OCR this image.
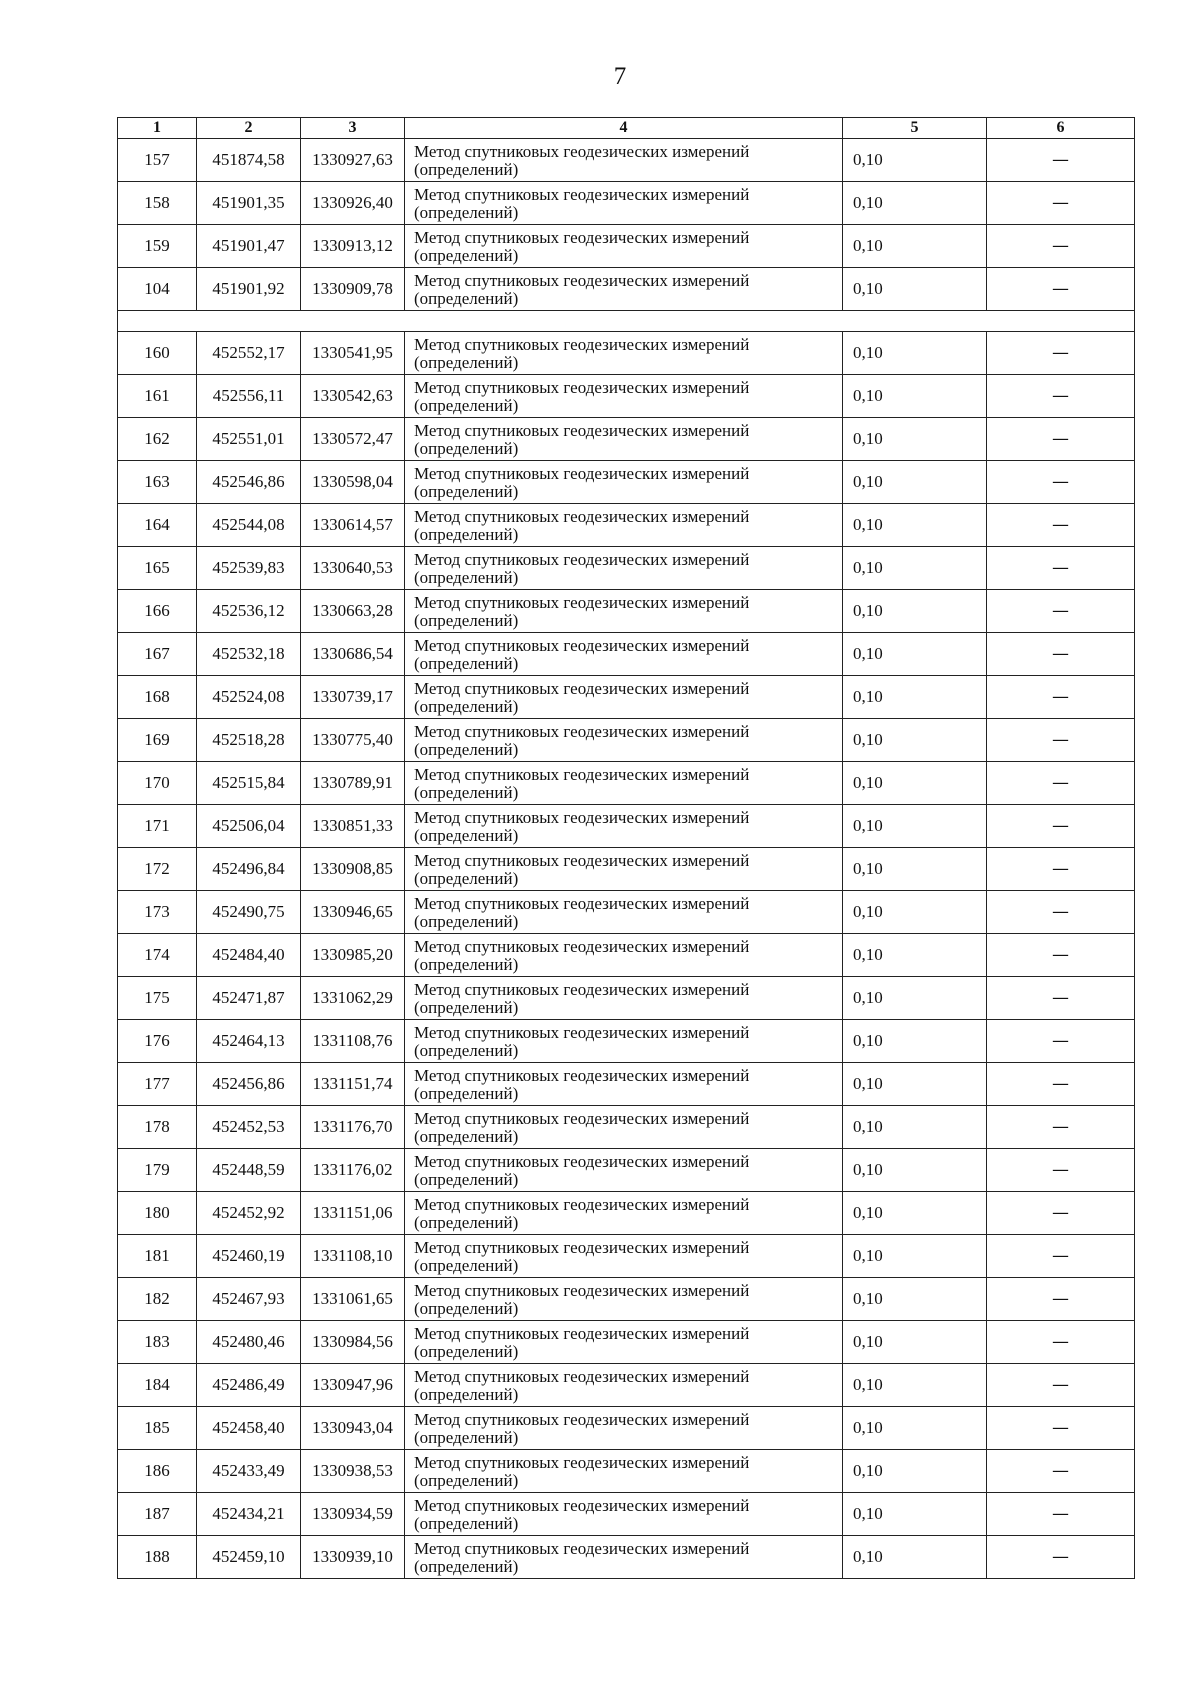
7
1	2	3	4	5	6
157	451874,58	1330927,63	Метод спутниковых геодезических измерений
(определений)	0,10	—
158	451901,35	1330926,40	Метод спутниковых геодезических измерений
(определений)	0,10	—
159	451901,47	1330913,12	Метод спутниковых геодезических измерений
(определений)	0,10	—
104	451901,92	1330909,78	Метод спутниковых геодезических измерений
(определений)	0,10	—

160	452552,17	1330541,95	Метод спутниковых геодезических измерений
(определений)	0,10	—
161	452556,11	1330542,63	Метод спутниковых геодезических измерений
(определений)	0,10	—
162	452551,01	1330572,47	Метод спутниковых геодезических измерений
(определений)	0,10	—
163	452546,86	1330598,04	Метод спутниковых геодезических измерений
(определений)	0,10	—
164	452544,08	1330614,57	Метод спутниковых геодезических измерений
(определений)	0,10	—
165	452539,83	1330640,53	Метод спутниковых геодезических измерений
(определений)	0,10	—
166	452536,12	1330663,28	Метод спутниковых геодезических измерений
(определений)	0,10	—
167	452532,18	1330686,54	Метод спутниковых геодезических измерений
(определений)	0,10	—
168	452524,08	1330739,17	Метод спутниковых геодезических измерений
(определений)	0,10	—
169	452518,28	1330775,40	Метод спутниковых геодезических измерений
(определений)	0,10	—
170	452515,84	1330789,91	Метод спутниковых геодезических измерений
(определений)	0,10	—
171	452506,04	1330851,33	Метод спутниковых геодезических измерений
(определений)	0,10	—
172	452496,84	1330908,85	Метод спутниковых геодезических измерений
(определений)	0,10	—
173	452490,75	1330946,65	Метод спутниковых геодезических измерений
(определений)	0,10	—
174	452484,40	1330985,20	Метод спутниковых геодезических измерений
(определений)	0,10	—
175	452471,87	1331062,29	Метод спутниковых геодезических измерений
(определений)	0,10	—
176	452464,13	1331108,76	Метод спутниковых геодезических измерений
(определений)	0,10	—
177	452456,86	1331151,74	Метод спутниковых геодезических измерений
(определений)	0,10	—
178	452452,53	1331176,70	Метод спутниковых геодезических измерений
(определений)	0,10	—
179	452448,59	1331176,02	Метод спутниковых геодезических измерений
(определений)	0,10	—
180	452452,92	1331151,06	Метод спутниковых геодезических измерений
(определений)	0,10	—
181	452460,19	1331108,10	Метод спутниковых геодезических измерений
(определений)	0,10	—
182	452467,93	1331061,65	Метод спутниковых геодезических измерений
(определений)	0,10	—
183	452480,46	1330984,56	Метод спутниковых геодезических измерений
(определений)	0,10	—
184	452486,49	1330947,96	Метод спутниковых геодезических измерений
(определений)	0,10	—
185	452458,40	1330943,04	Метод спутниковых геодезических измерений
(определений)	0,10	—
186	452433,49	1330938,53	Метод спутниковых геодезических измерений
(определений)	0,10	—
187	452434,21	1330934,59	Метод спутниковых геодезических измерений
(определений)	0,10	—
188	452459,10	1330939,10	Метод спутниковых геодезических измерений
(определений)	0,10	—
